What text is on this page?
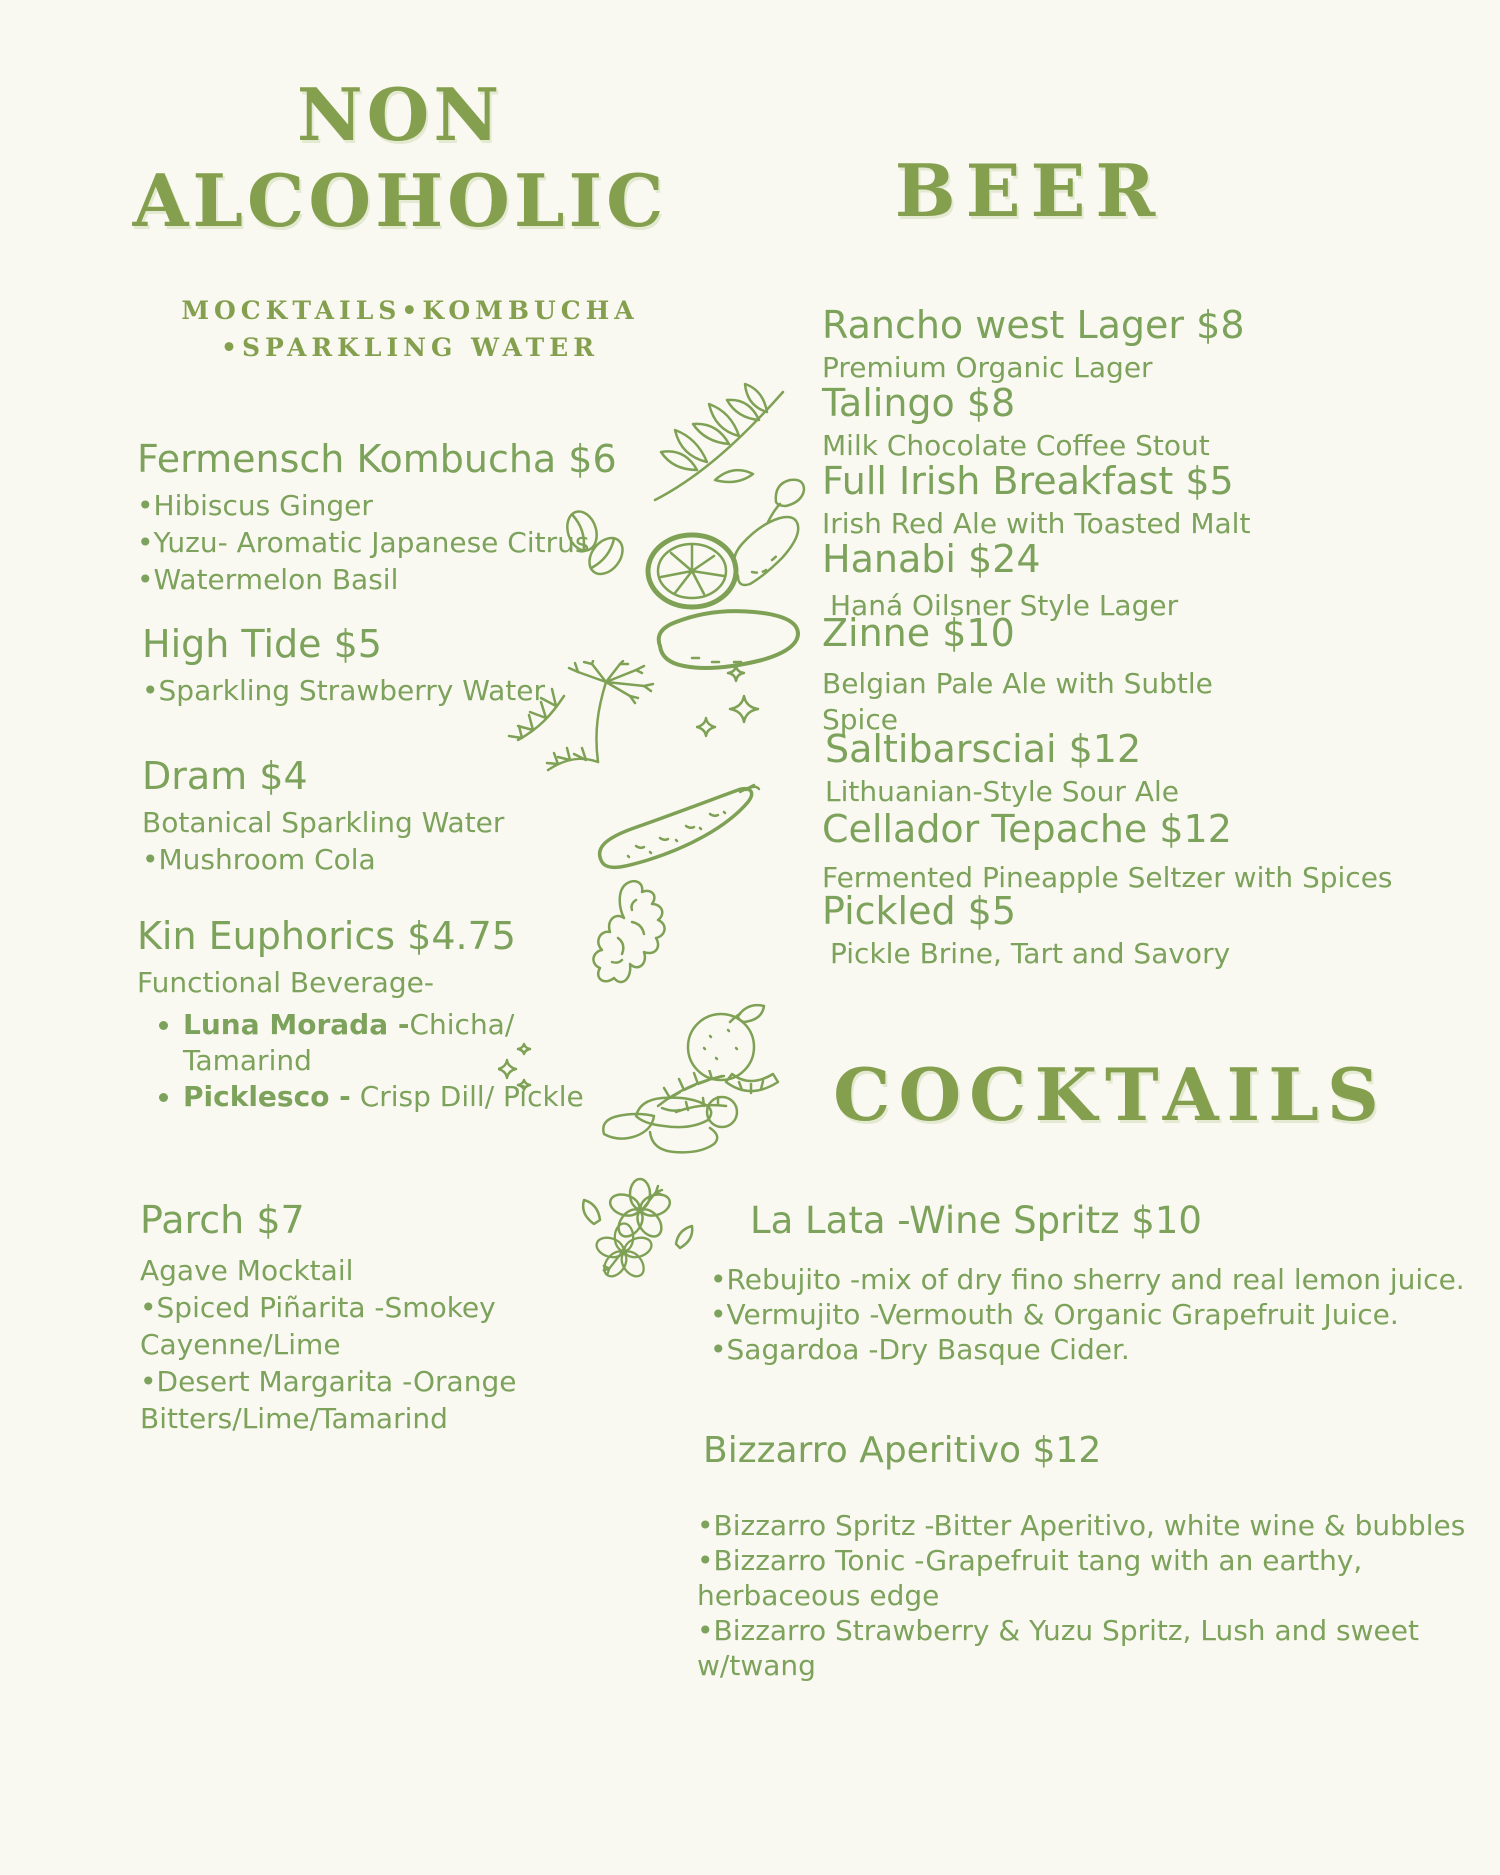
NON
ALCOHOLIC
MOCKTAILS•KOMBUCHA
•SPARKLING WATER
Fermensch Kombucha $6
•Hibiscus Ginger
•Yuzu- Aromatic Japanese Citrus
•Watermelon Basil
High Tide $5
•Sparkling Strawberry Water
Dram $4
Botanical Sparkling Water
•Mushroom Cola
Kin Euphorics $4.75
Functional Beverage-
• Luna Morada -Chicha/
Tamarind
• Picklesco - Crisp Dill/ Pickle
Parch $7
Agave Mocktail
•Spiced Piñarita -Smokey
Cayenne/Lime
•Desert Margarita -Orange
Bitters/Lime/Tamarind
BEER
Rancho west Lager $8
Premium Organic Lager
Talingo $8
Milk Chocolate Coffee Stout
Full Irish Breakfast $5
Irish Red Ale with Toasted Malt
Hanabi $24
Haná Oilsner Style Lager
Zinne $10
Belgian Pale Ale with Subtle
Spice
Saltibarsciai $12
Lithuanian-Style Sour Ale
Cellador Tepache $12
Fermented Pineapple Seltzer with Spices
Pickled $5
Pickle Brine, Tart and Savory
COCKTAILS
La Lata -Wine Spritz $10
•Rebujito -mix of dry fino sherry and real lemon juice.
•Vermujito -Vermouth & Organic Grapefruit Juice.
•Sagardoa -Dry Basque Cider.
Bizzarro Aperitivo $12
•Bizzarro Spritz -Bitter Aperitivo, white wine & bubbles
•Bizzarro Tonic -Grapefruit tang with an earthy,
herbaceous edge
•Bizzarro Strawberry & Yuzu Spritz, Lush and sweet
w/twang
